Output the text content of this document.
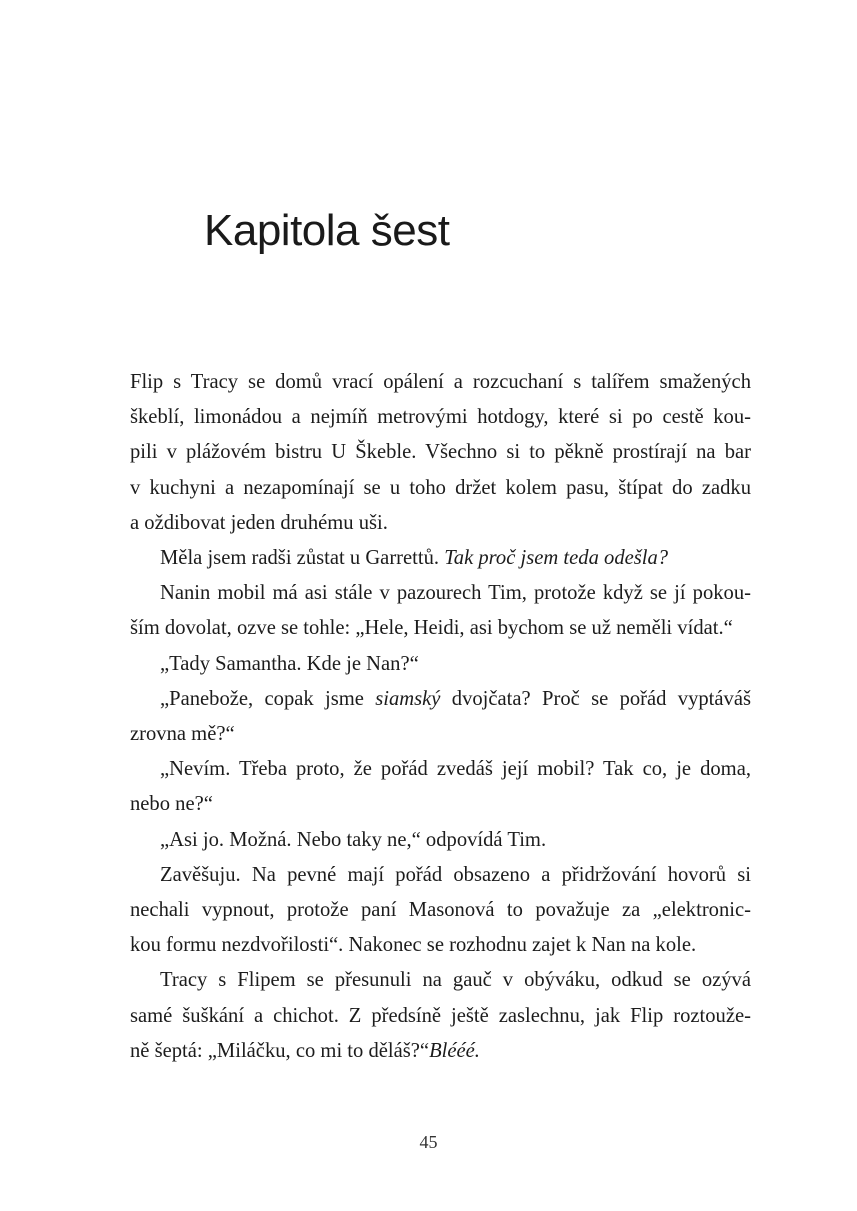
Kapitola šest

Flip s Tracy se domů vrací opálení a rozcuchaní s talířem smažených

škeblí, limonádou a nejmíň metrovými hotdogy, které si po cestě kou-

pili v plážovém bistru U Škeble. Všechno si to pěkně prostírají na bar

v kuchyni a nezapomínají se u toho držet kolem pasu, štípat do zadku

a oždibovat jeden druhému uši.

Měla jsem radši zůstat u Garrettů. Tak proč jsem teda odešla?

Nanin mobil má asi stále v pazourech Tim, protože když se jí pokou-

ším dovolat, ozve se tohle: „Hele, Heidi, asi bychom se už neměli vídat.“

„Tady Samantha. Kde je Nan?“

„Panebože, copak jsme siamský dvojčata? Proč se pořád vyptáváš

zrovna mě?“

„Nevím. Třeba proto, že pořád zvedáš její mobil? Tak co, je doma,

nebo ne?“

„Asi jo. Možná. Nebo taky ne,“ odpovídá Tim.

Zavěšuju. Na pevné mají pořád obsazeno a přidržování hovorů si

nechali vypnout, protože paní Masonová to považuje za „elektronic-

kou formu nezdvořilosti“. Nakonec se rozhodnu zajet k Nan na kole.

Tracy s Flipem se přesunuli na gauč v obýváku, odkud se ozývá

samé šuškání a chichot. Z předsíně ještě zaslechnu, jak Flip roztouže-

ně šeptá: „Miláčku, co mi to děláš?“Blééé.

45
